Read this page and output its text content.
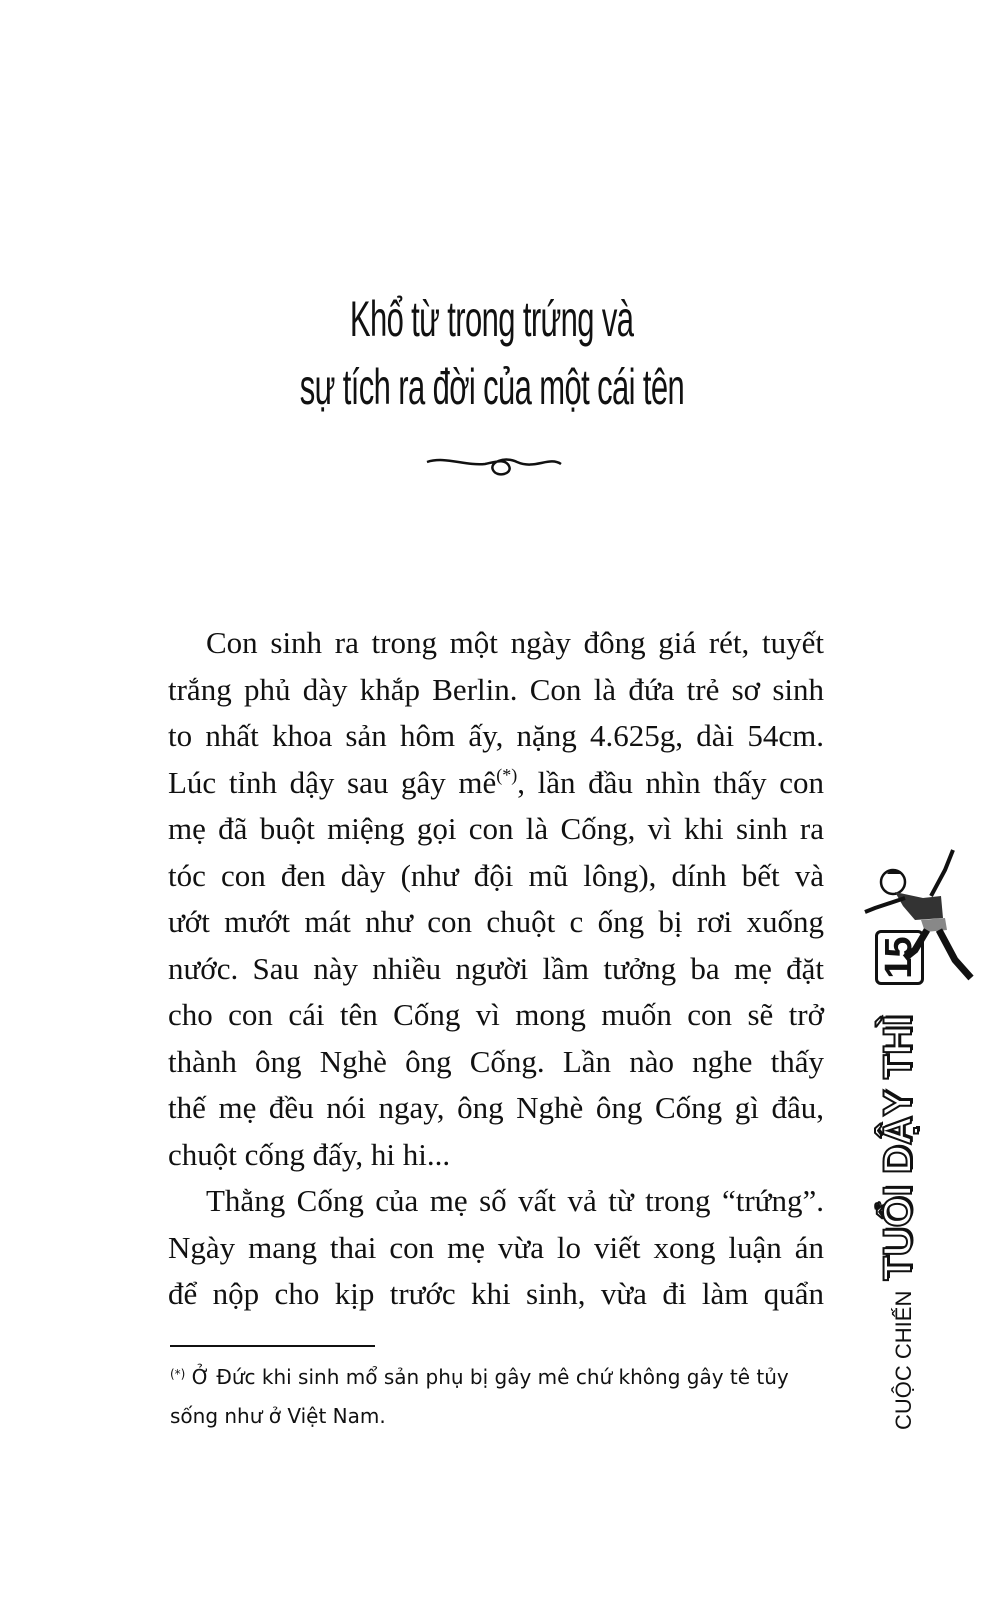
Khổ từ trong trứng và
sự tích ra đời của một cái tên
Con sinh ra trong một ngày đông giá rét, tuyết
trắng phủ dày khắp Berlin. Con là đứa trẻ sơ sinh
to nhất khoa sản hôm ấy, nặng 4.625g, dài 54cm.
Lúc tỉnh dậy sau gây mê(*), lần đầu nhìn thấy con
mẹ đã buột miệng gọi con là Cống, vì khi sinh ra
tóc con đen dày (như đội mũ lông), dính bết và
ướt mướt mát như con chuột c ống bị rơi xuống
nước. Sau này nhiều người lầm tưởng ba mẹ đặt
cho con cái tên Cống vì mong muốn con sẽ trở
thành ông Nghè ông Cống. Lần nào nghe thấy
thế mẹ đều nói ngay, ông Nghè ông Cống gì đâu,
chuột cống đấy, hi hi...
Thằng Cống của mẹ số vất vả từ trong “trứng”.
Ngày mang thai con mẹ vừa lo viết xong luận án
để nộp cho kịp trước khi sinh, vừa đi làm quẩn
(*) Ở Đức khi sinh mổ sản phụ bị gây mê chứ không gây tê tủy
sống như ở Việt Nam.	CUỘC CHIẾN
TUỔI DẬY THÌ
15
